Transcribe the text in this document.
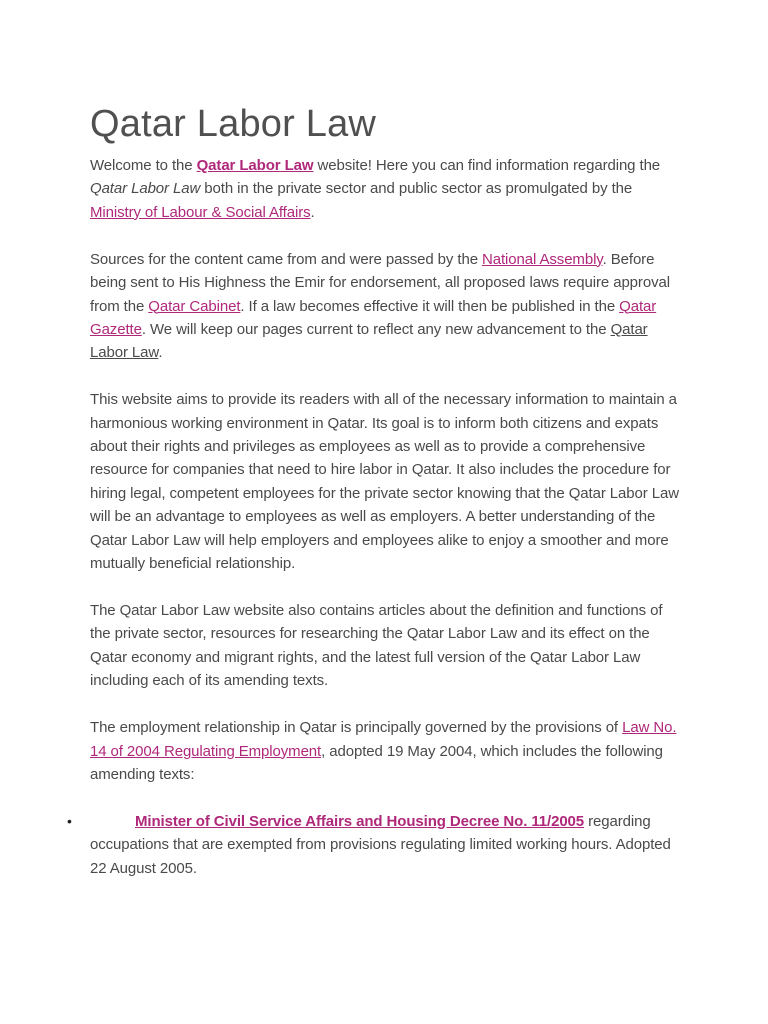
Qatar Labor Law

Welcome to the Qatar Labor Law website! Here you can find information regarding the Qatar Labor Law both in the private sector and public sector as promulgated by the Ministry of Labour & Social Affairs.

Sources for the content came from and were passed by the National Assembly. Before being sent to His Highness the Emir for endorsement, all proposed laws require approval from the Qatar Cabinet. If a law becomes effective it will then be published in the Qatar Gazette. We will keep our pages current to reflect any new advancement to the Qatar Labor Law.

This website aims to provide its readers with all of the necessary information to maintain a harmonious working environment in Qatar. Its goal is to inform both citizens and expats about their rights and privileges as employees as well as to provide a comprehensive resource for companies that need to hire labor in Qatar. It also includes the procedure for hiring legal, competent employees for the private sector knowing that the Qatar Labor Law will be an advantage to employees as well as employers. A better understanding of the Qatar Labor Law will help employers and employees alike to enjoy a smoother and more mutually beneficial relationship.

The Qatar Labor Law website also contains articles about the definition and functions of the private sector, resources for researching the Qatar Labor Law and its effect on the Qatar economy and migrant rights, and the latest full version of the Qatar Labor Law including each of its amending texts.

The employment relationship in Qatar is principally governed by the provisions of Law No. 14 of 2004 Regulating Employment, adopted 19 May 2004, which includes the following amending texts:

•	Minister of Civil Service Affairs and Housing Decree No. 11/2005 regarding occupations that are exempted from provisions regulating limited working hours. Adopted 22 August 2005.
